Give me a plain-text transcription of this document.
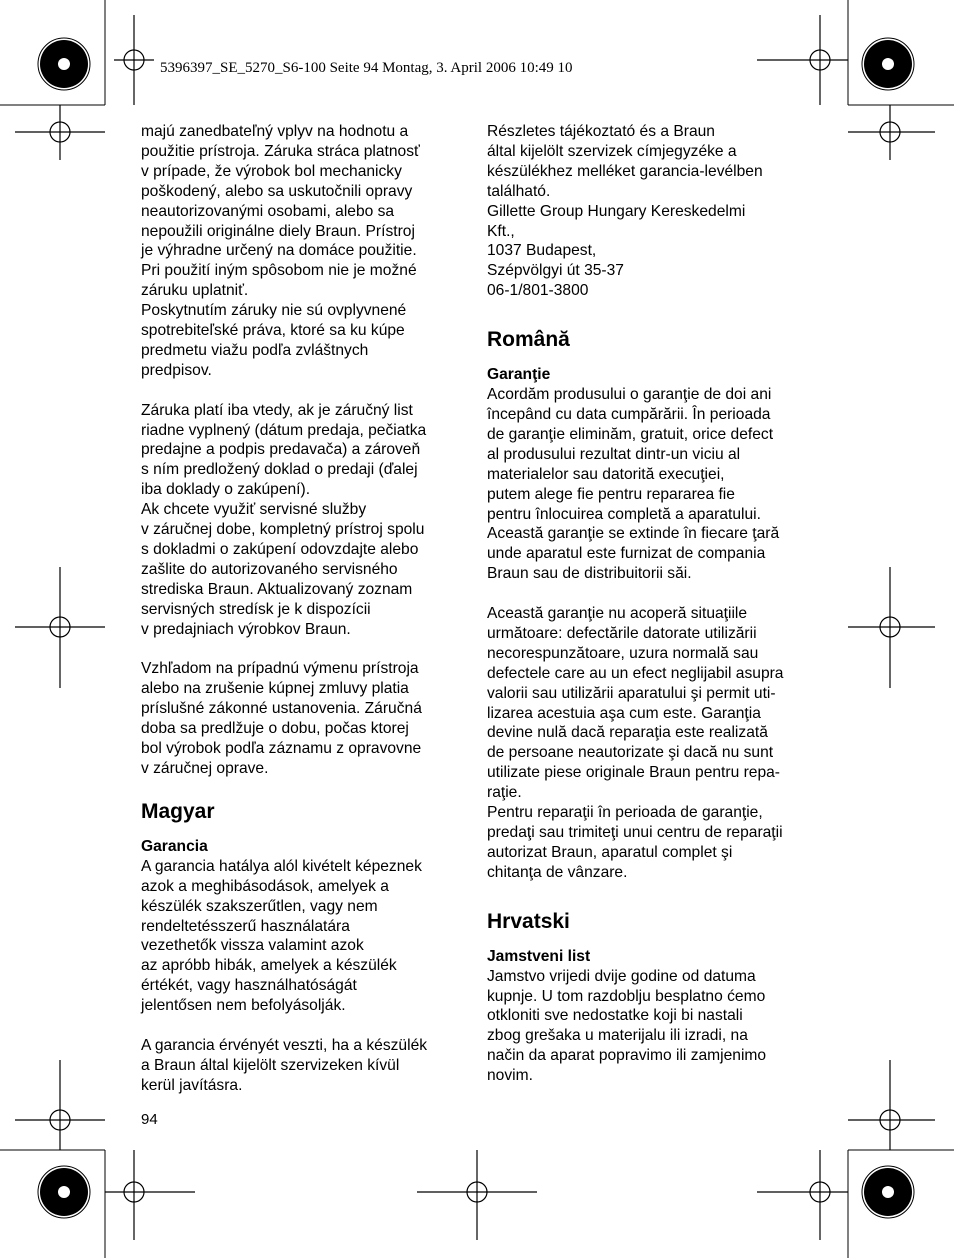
5396397_SE_5270_S6-100 Seite 94 Montag, 3. April 2006 10:49 10

majú zanedbateľný vplyv na hodnotu a
použitie prístroja. Záruka stráca platnosť
v prípade, že výrobok bol mechanicky
poškodený, alebo sa uskutočnili opravy
neautorizovanými osobami, alebo sa
nepoužili originálne diely Braun. Prístroj
je výhradne určený na domáce použitie.
Pri použití iným spôsobom nie je možné
záruku uplatniť.
Poskytnutím záruky nie sú ovplyvnené
spotrebiteľské práva, ktoré sa ku kúpe
predmetu viažu podľa zvláštnych
predpisov.

Záruka platí iba vtedy, ak je záručný list
riadne vyplnený (dátum predaja, pečiatka
predajne a podpis predavača) a zároveň
s ním predložený doklad o predaji (ďalej
iba doklady o zakúpení).
Ak chcete využiť servisné služby
v záručnej dobe, kompletný prístroj spolu
s dokladmi o zakúpení odovzdajte alebo
zašlite do autorizovaného servisného
strediska Braun. Aktualizovaný zoznam
servisných stredísk je k dispozícii
v predajniach výrobkov Braun.

Vzhľadom na prípadnú výmenu prístroja
alebo na zrušenie kúpnej zmluvy platia
príslušné zákonné ustanovenia. Záručná
doba sa predlžuje o dobu, počas ktorej
bol výrobok podľa záznamu z opravovne
v záručnej oprave.

Magyar
Garancia

A garancia hatálya alól kivételt képeznek
azok a meghibásodások, amelyek a
készülék szakszerűtlen, vagy nem
rendeltetésszerű használatára
vezethetők vissza valamint azok
az apróbb hibák, amelyek a készülék
értékét, vagy használhatóságát
jelentősen nem befolyásolják.

A garancia érvényét veszti, ha a készülék
a Braun által kijelölt szervizeken kívül
kerül javításra.

Részletes tájékoztató és a Braun
által kijelölt szervizek címjegyzéke a
készülékhez melléket garancia-levélben
található.
Gillette Group Hungary Kereskedelmi
Kft.,
1037 Budapest,
Szépvölgyi út 35-37
06-1/801-3800

Română
Garanţie

Acordăm produsului o garanţie de doi ani
începând cu data cumpărării. În perioada
de garanţie eliminăm, gratuit, orice defect
al produsului rezultat dintr-un viciu al
materialelor sau datorită execuţiei,
putem alege fie pentru repararea fie
pentru înlocuirea completă a aparatului.
Această garanţie se extinde în fiecare ţară
unde aparatul este furnizat de compania
Braun sau de distribuitorii săi.

Această garanţie nu acoperă situaţiile
următoare: defectările datorate utilizării
necorespunzătoare, uzura normală sau
defectele care au un efect neglijabil asupra
valorii sau utilizării aparatului şi permit uti-
lizarea acestuia aşa cum este. Garanţia
devine nulă dacă reparaţia este realizată
de persoane neautorizate şi dacă nu sunt
utilizate piese originale Braun pentru repa-
raţie.
Pentru reparaţii în perioada de garanţie,
predaţi sau trimiteţi unui centru de reparaţii
autorizat Braun, aparatul complet şi
chitanţa de vânzare.

Hrvatski
Jamstveni list

Jamstvo vrijedi dvije godine od datuma
kupnje. U tom razdoblju besplatno ćemo
otkloniti sve nedostatke koji bi nastali
zbog grešaka u materijalu ili izradi, na
način da aparat popravimo ili zamjenimo
novim.

94
